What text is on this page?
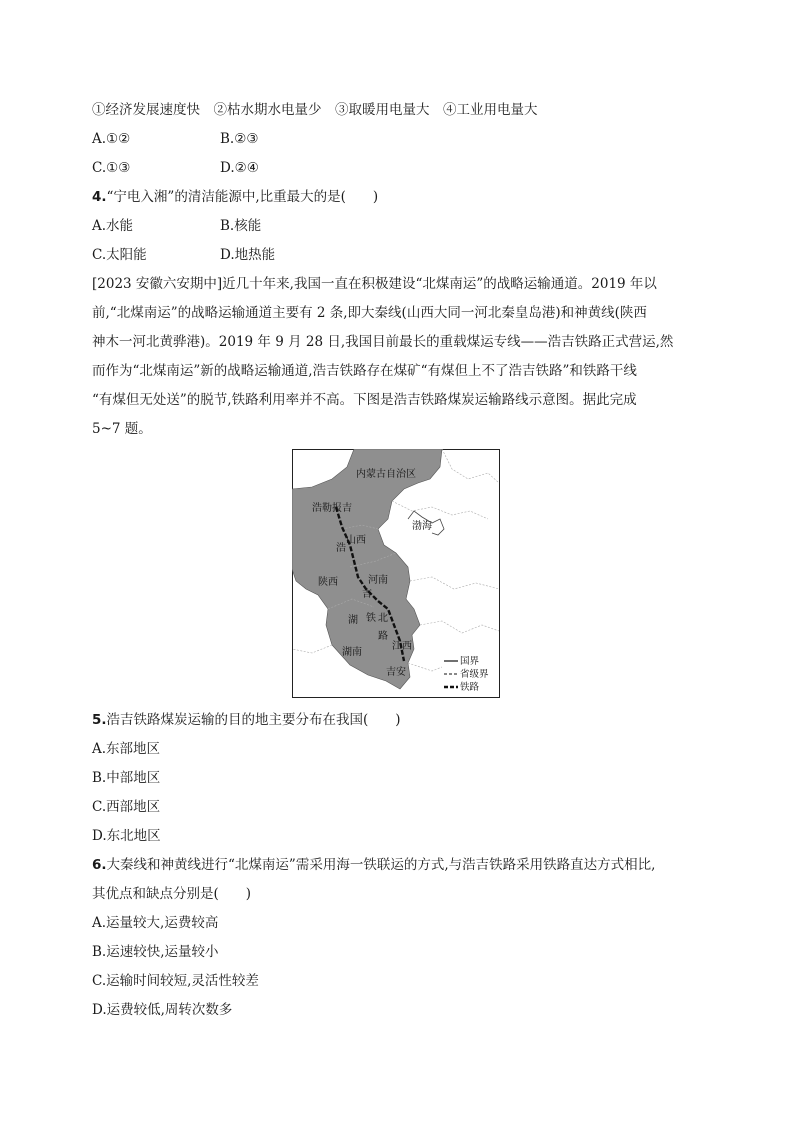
①经济发展速度快　②枯水期水电量少　③取暖用电量大　④工业用电量大
A.①②	B.②③
C.①③	D.②④
4.“宁电入湘”的清洁能源中,比重最大的是(　　)
A.水能	B.核能
C.太阳能	D.地热能
[2023 安徽六安期中]近几十年来,我国一直在积极建设“北煤南运”的战略运输通道。2019 年以
前,“北煤南运”的战略运输通道主要有 2 条,即大秦线(山西大同一河北秦皇岛港)和神黄线(陕西
神木一河北黄骅港)。2019 年 9 月 28 日,我国目前最长的重载煤运专线——浩吉铁路正式营运,然
而作为“北煤南运”新的战略运输通道,浩吉铁路存在煤矿“有煤但上不了浩吉铁路”和铁路干线
“有煤但无处送”的脱节,铁路利用率并不高。下图是浩吉铁路煤炭运输路线示意图。据此完成
5~7 题。
内蒙古自治区
浩勒报吉
山西
渤海
浩
陕西	河南
吉
湖 铁 北
路
江西
湖南
吉安
国界
省级界
铁路
5.浩吉铁路煤炭运输的目的地主要分布在我国(　　)
A.东部地区
B.中部地区
C.西部地区
D.东北地区
6.大秦线和神黄线进行“北煤南运”需采用海一铁联运的方式,与浩吉铁路采用铁路直达方式相比,
其优点和缺点分别是(　　)
A.运量较大,运费较高
B.运速较快,运量较小
C.运输时间较短,灵活性较差
D.运费较低,周转次数多
